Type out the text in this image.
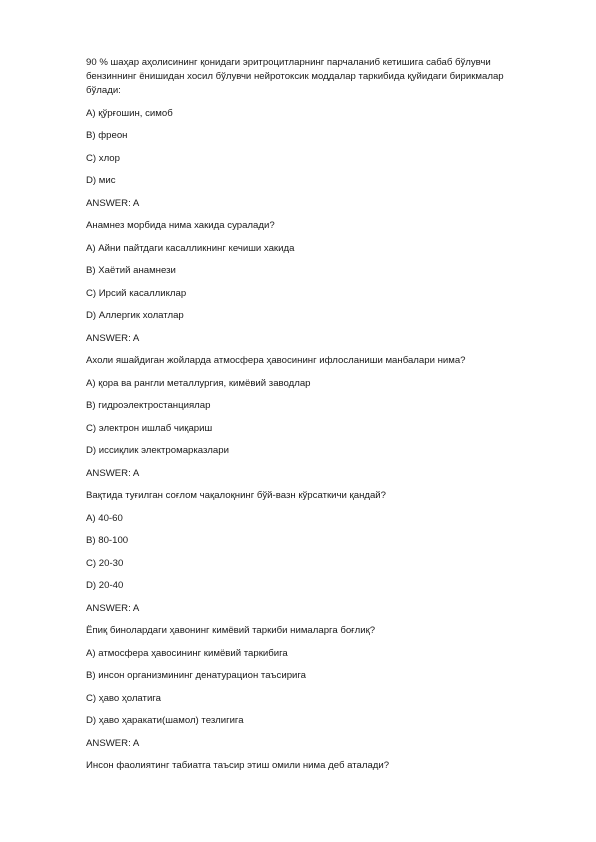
90 % шаҳар аҳолисининг қонидаги эритроцитларнинг парчаланиб кетишига сабаб бўлувчи бензиннинг ёнишидан хосил бўлувчи нейротоксик моддалар таркибида қуйидаги бирикмалар бўлади:

A) қўрғошин, симоб

B) фреон

C) хлор

D) мис

ANSWER: A

Анамнез морбида нима хакида суралади?

A) Айни пайтдаги касалликнинг кечиши хакида

B) Хаётий анамнези

C) Ирсий касалликлар

D) Аллергик холатлар

ANSWER: A

Ахоли яшайдиган жойларда атмосфера ҳавосининг ифлосланиши манбалари нима?

A) қора ва рангли металлургия, кимёвий заводлар

B) гидроэлектростанциялар

C) электрон ишлаб чиқариш

D) иссиқлик электромарказлари

ANSWER: A

Вақтида туғилган соғлом чақалоқнинг бўй-вазн кўрсаткичи қандай?

A) 40-60

B) 80-100

C) 20-30

D) 20-40

ANSWER: A

Ёпиқ бинолардаги ҳавонинг кимёвий таркиби нималарга боғлиқ?

A) атмосфера ҳавосининг кимёвий таркибига

B) инсон организмининг денатурацион таъсирига

C) ҳаво ҳолатига

D) ҳаво ҳаракати(шамол) тезлигига

ANSWER: A

Инсон фаолиятинг табиатга таъсир этиш омили нима деб аталади?
